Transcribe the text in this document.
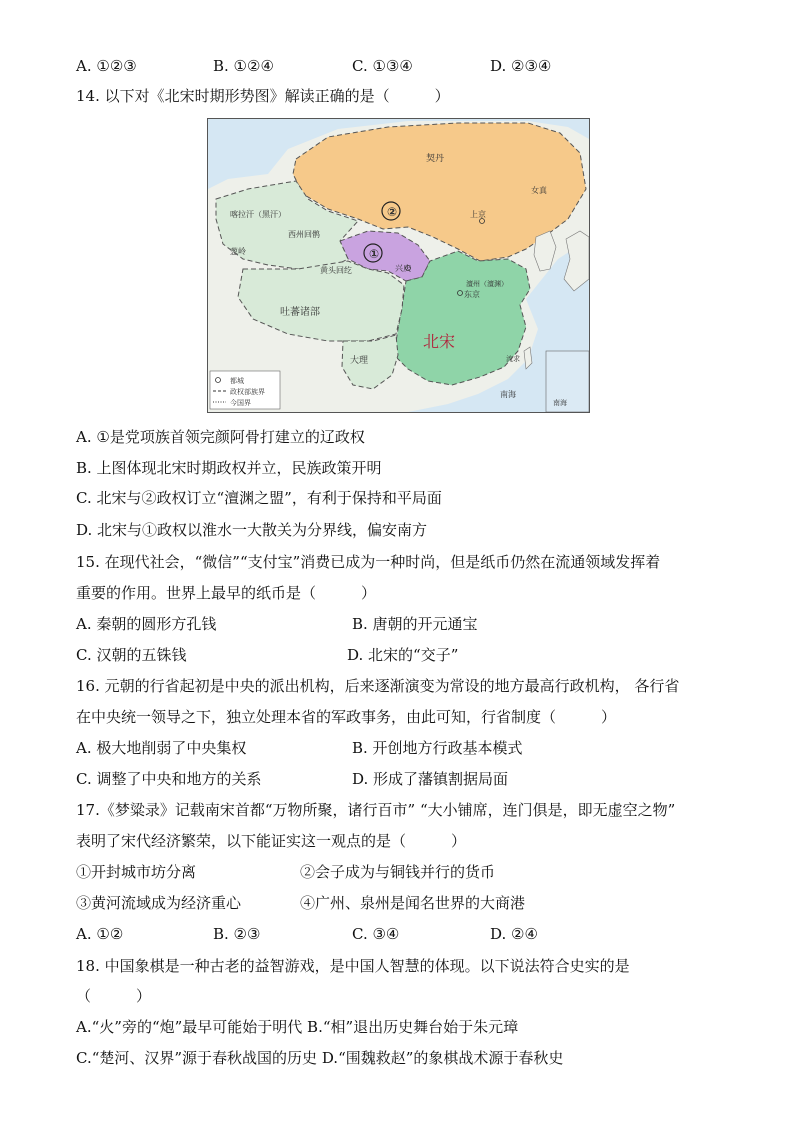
A. ①②③	B. ①②④	C. ①③④	D. ②③④
14. 以下对《北宋时期形势图》解读正确的是（　　　）
②
①
契丹
女真
上京
喀拉汗（黑汗）
葱岭
西州回鹘
黄头回纥	兴庆
澶州（澶渊）
东京
吐蕃诸部
北宋
大理	流求
南海
南海
都城
政权部族界
今国界
A. ①是党项族首领完颜阿骨打建立的辽政权
B. 上图体现北宋时期政权并立，民族政策开明
C. 北宋与②政权订立“澶渊之盟”，有利于保持和平局面
D. 北宋与①政权以淮水一大散关为分界线，偏安南方
15. 在现代社会，“微信”“支付宝”消费已成为一种时尚，但是纸币仍然在流通领域发挥着
重要的作用。世界上最早的纸币是（　　　）
A. 秦朝的圆形方孔钱	B. 唐朝的开元通宝
C. 汉朝的五铢钱	D. 北宋的“交子”
16. 元朝的行省起初是中央的派出机构，后来逐渐演变为常设的地方最高行政机构， 各行省
在中央统一领导之下，独立处理本省的军政事务，由此可知，行省制度（　　　）
A. 极大地削弱了中央集权	B. 开创地方行政基本模式
C. 调整了中央和地方的关系	D. 形成了藩镇割据局面
17.《梦粱录》记载南宋首都“万物所聚，诸行百市” “大小铺席，连门俱是，即无虚空之物”
表明了宋代经济繁荣，以下能证实这一观点的是（　　　）
①开封城市坊分离	②会子成为与铜钱并行的货币
③黄河流域成为经济重心	④广州、泉州是闻名世界的大商港
A. ①②	B. ②③	C. ③④	D. ②④
18. 中国象棋是一种古老的益智游戏，是中国人智慧的体现。以下说法符合史实的是
（　　　）
A.“火”旁的“炮”最早可能始于明代 B.“相”退出历史舞台始于朱元璋
C.“楚河、汉界”源于春秋战国的历史 D.“围魏救赵”的象棋战术源于春秋史
